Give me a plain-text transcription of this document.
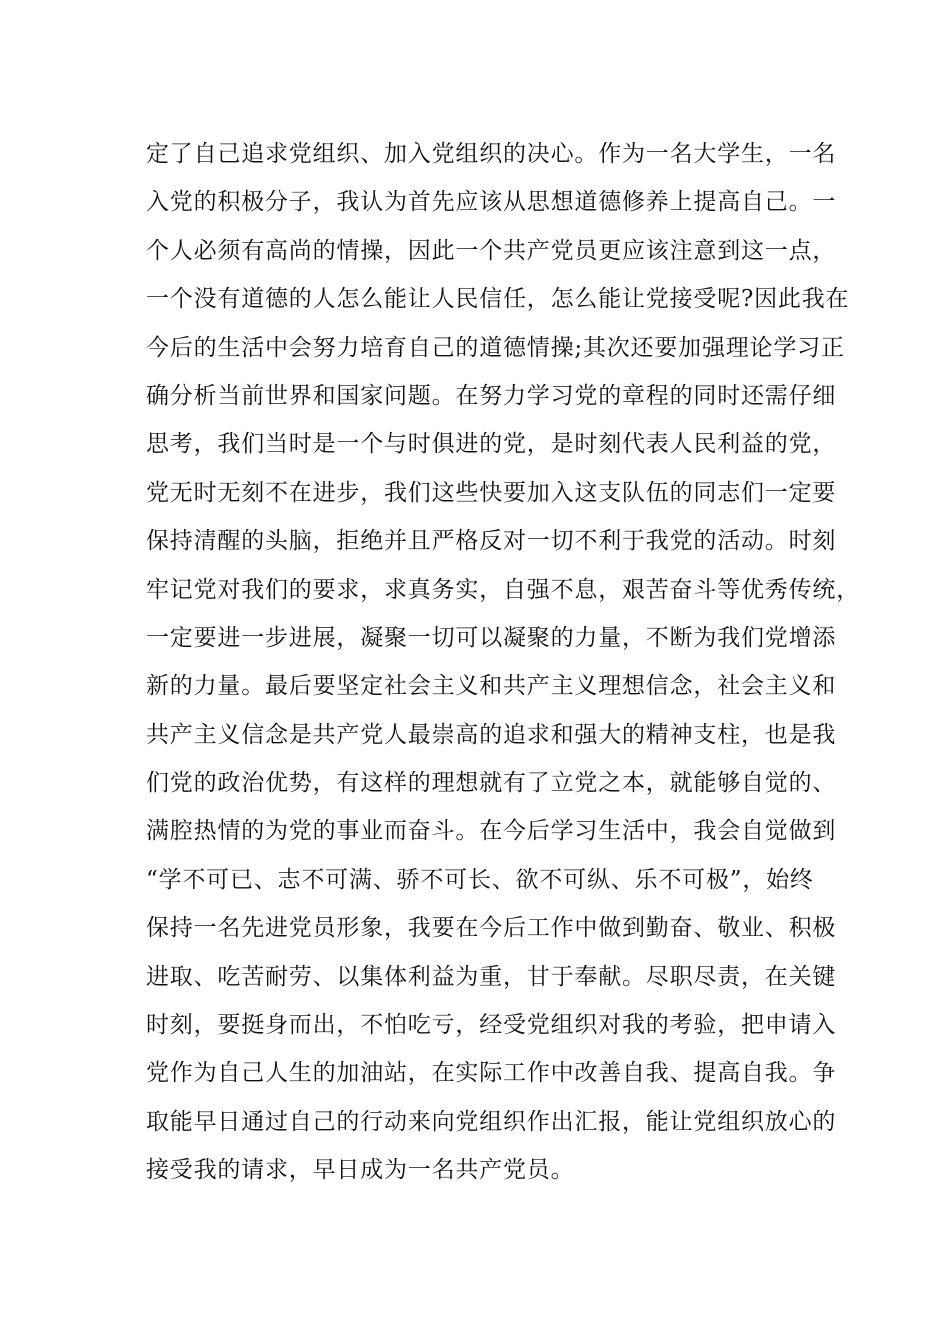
定了自己追求党组织、加入党组织的决心。作为一名大学生，一名
入党的积极分子，我认为首先应该从思想道德修养上提高自己。一
个人必须有高尚的情操，因此一个共产党员更应该注意到这一点，
一个没有道德的人怎么能让人民信任，怎么能让党接受呢?因此我在
今后的生活中会努力培育自己的道德情操;其次还要加强理论学习正
确分析当前世界和国家问题。在努力学习党的章程的同时还需仔细
思考，我们当时是一个与时俱进的党，是时刻代表人民利益的党，
党无时无刻不在进步，我们这些快要加入这支队伍的同志们一定要
保持清醒的头脑，拒绝并且严格反对一切不利于我党的活动。时刻
牢记党对我们的要求，求真务实，自强不息，艰苦奋斗等优秀传统，
一定要进一步进展，凝聚一切可以凝聚的力量，不断为我们党增添
新的力量。最后要坚定社会主义和共产主义理想信念，社会主义和
共产主义信念是共产党人最崇高的追求和强大的精神支柱，也是我
们党的政治优势，有这样的理想就有了立党之本，就能够自觉的、
满腔热情的为党的事业而奋斗。在今后学习生活中，我会自觉做到
“学不可已、志不可满、骄不可长、欲不可纵、乐不可极”，始终
保持一名先进党员形象，我要在今后工作中做到勤奋、敬业、积极
进取、吃苦耐劳、以集体利益为重，甘于奉献。尽职尽责，在关键
时刻，要挺身而出，不怕吃亏，经受党组织对我的考验，把申请入
党作为自己人生的加油站，在实际工作中改善自我、提高自我。争
取能早日通过自己的行动来向党组织作出汇报，能让党组织放心的
接受我的请求，早日成为一名共产党员。
